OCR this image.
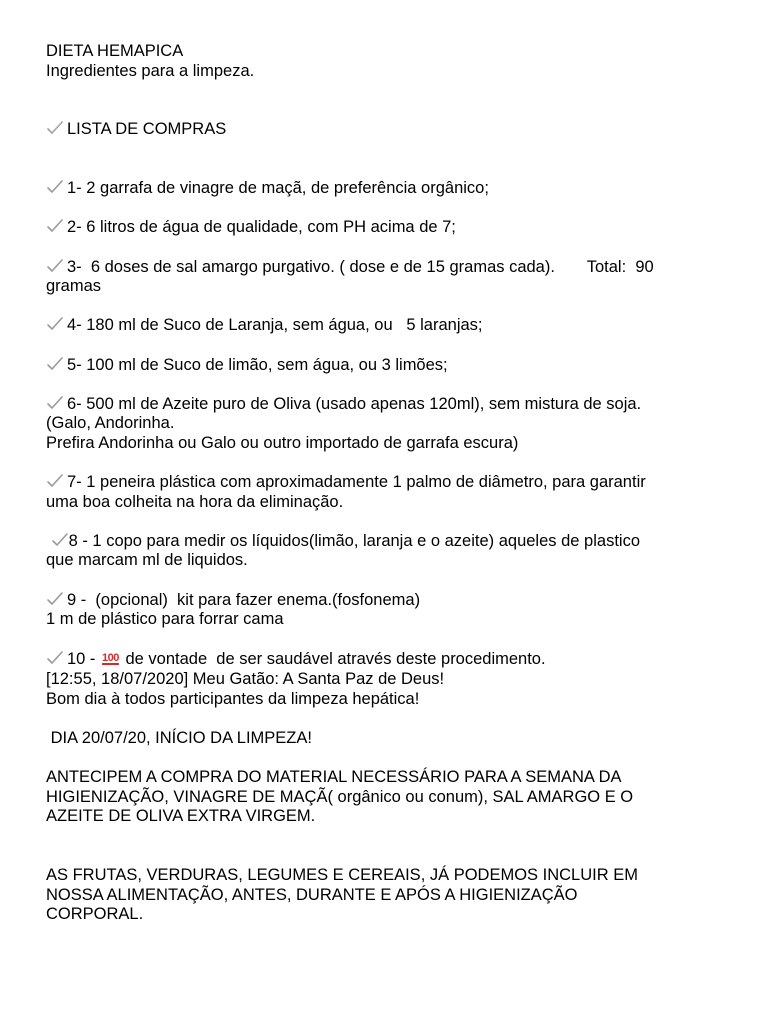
DIETA HEMAPICA
Ingredientes para a limpeza.
LISTA DE COMPRAS
1- 2 garrafa de vinagre de maçã, de preferência orgânico;
2- 6 litros de água de qualidade, com PH acima de 7;
3-  6 doses de sal amargo purgativo. ( dose e de 15 gramas cada).       Total:  90
gramas
4- 180 ml de Suco de Laranja, sem água, ou   5 laranjas;
5- 100 ml de Suco de limão, sem água, ou 3 limões;
6- 500 ml de Azeite puro de Oliva (usado apenas 120ml), sem mistura de soja.
(Galo, Andorinha.
Prefira Andorinha ou Galo ou outro importado de garrafa escura)
7- 1 peneira plástica com aproximadamente 1 palmo de diâmetro, para garantir
uma boa colheita na hora da eliminação.

8 - 1 copo para medir os líquidos(limão, laranja e o azeite) aqueles de plastico
que marcam ml de liquidos.
9 -  (opcional)  kit para fazer enema.(fosfonema)
1 m de plástico para forrar cama
10 - 100 de vontade  de ser saudável através deste procedimento.
[12:55, 18/07/2020] Meu Gatão: A Santa Paz de Deus!
Bom dia à todos participantes da limpeza hepática!
DIA 20/07/20, INÍCIO DA LIMPEZA!
ANTECIPEM A COMPRA DO MATERIAL NECESSÁRIO PARA A SEMANA DA
HIGIENIZAÇÃO, VINAGRE DE MAÇÃ( orgânico ou conum), SAL AMARGO E O
AZEITE DE OLIVA EXTRA VIRGEM.
AS FRUTAS, VERDURAS, LEGUMES E CEREAIS, JÁ PODEMOS INCLUIR EM
NOSSA ALIMENTAÇÃO, ANTES, DURANTE E APÓS A HIGIENIZAÇÃO
CORPORAL.
